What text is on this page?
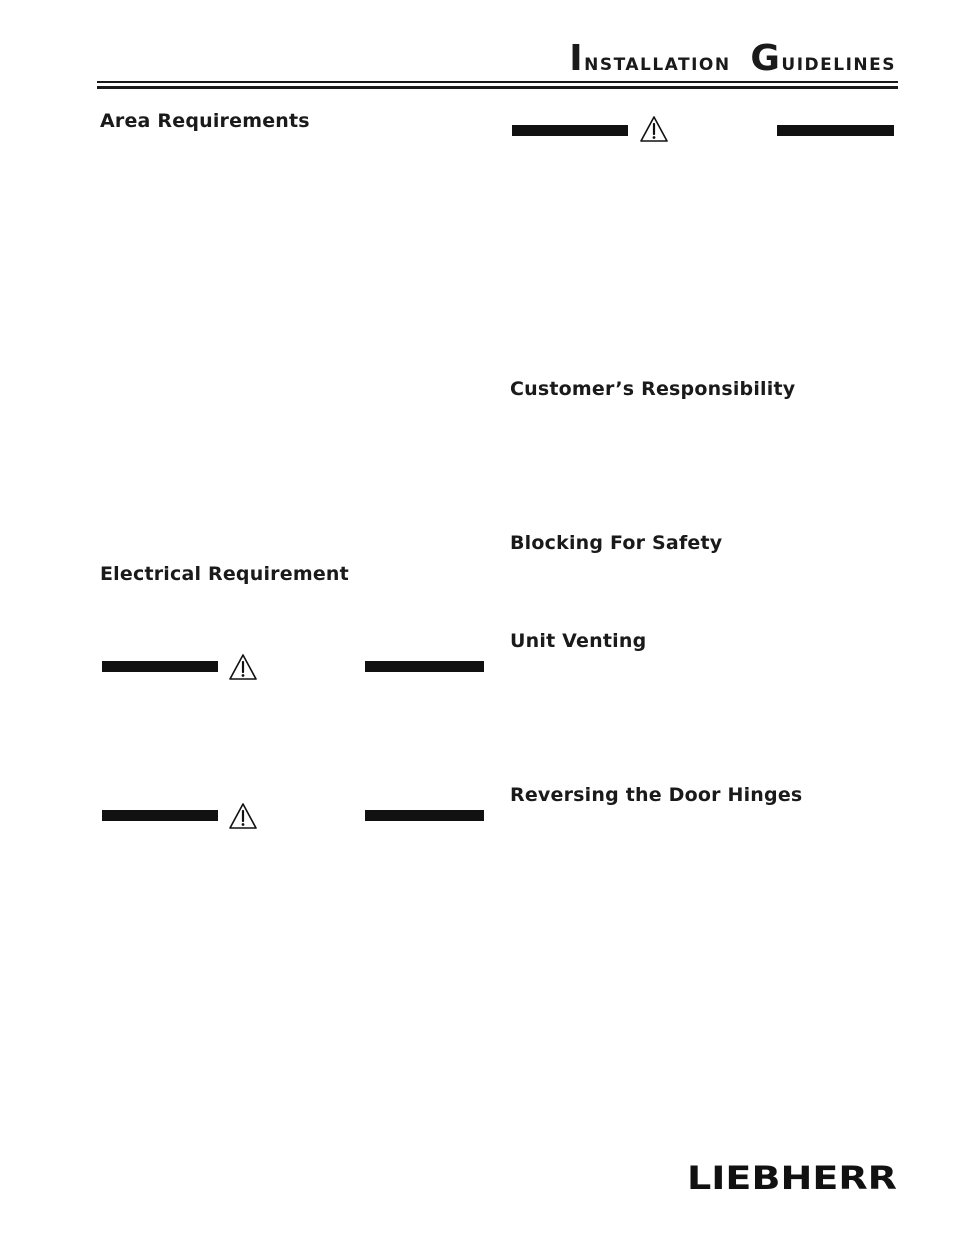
Installation Guidelines
Area Requirements
Electrical Requirement
Customer’s Responsibility
Blocking For Safety
Unit Venting
Reversing the Door Hinges
LIEBHERR
